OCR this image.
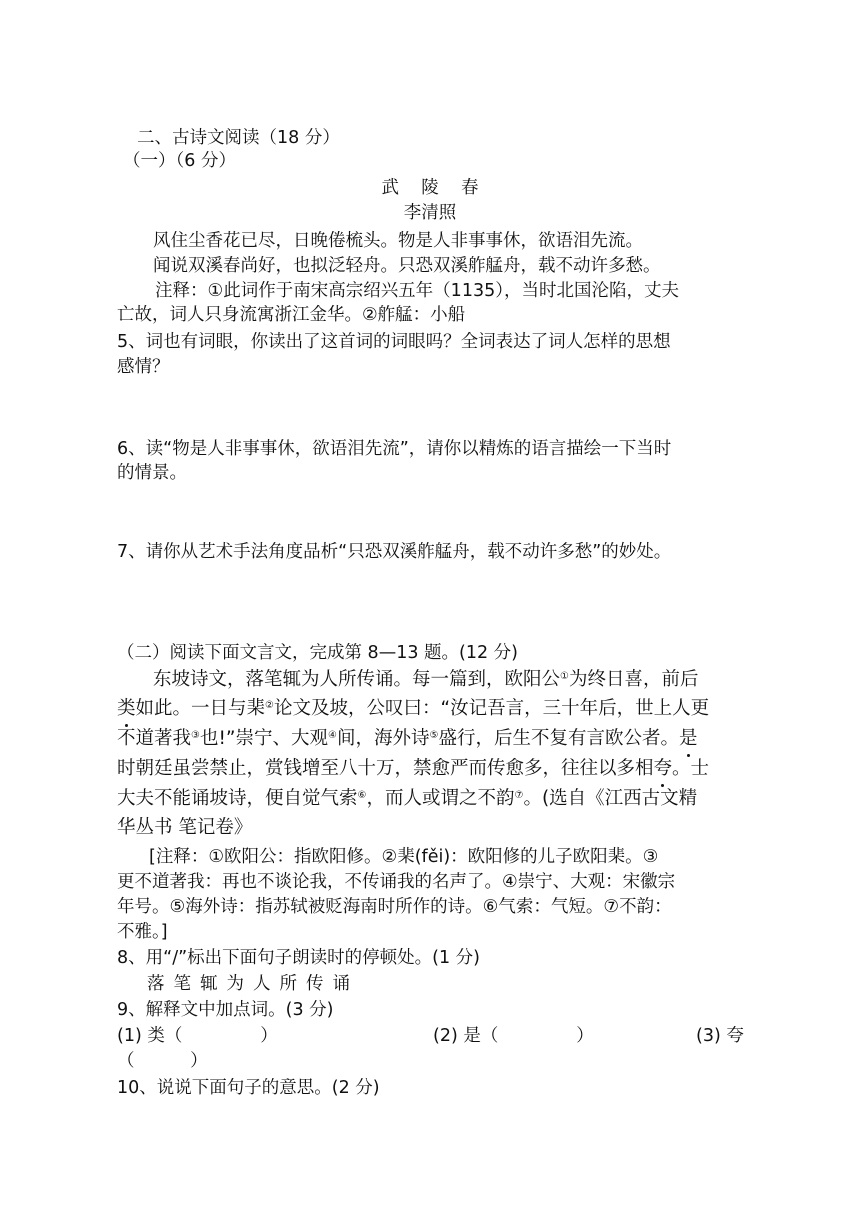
二、古诗文阅读（18 分）
（一）（6 分）
武    陵    春
李清照
风住尘香花已尽，日晚倦梳头。物是人非事事休，欲语泪先流。
闻说双溪春尚好，也拟泛轻舟。只恐双溪舴艋舟，载不动许多愁。
注释：①此词作于南宋高宗绍兴五年（1135），当时北国沦陷，丈夫
亡故，词人只身流寓浙江金华。②舴艋：小船
5、词也有词眼，你读出了这首词的词眼吗？全词表达了词人怎样的思想
感情？
6、读“物是人非事事休，欲语泪先流”，请你以精炼的语言描绘一下当时
的情景。
7、请你从艺术手法角度品析“只恐双溪舴艋舟，载不动许多愁”的妙处。
（二）阅读下面文言文，完成第 8—13 题。(12 分)
东坡诗文，落笔辄为人所传诵。每一篇到，欧阳公①为终日喜，前后
类如此。一日与棐②论文及坡，公叹曰：“汝记吾言，三十年后，世上人更
不道著我③也!”崇宁、大观④间，海外诗⑤盛行，后生不复有言欧公者。是
时朝廷虽尝禁止，赏钱增至八十万，禁愈严而传愈多，往往以多相夸。士
大夫不能诵坡诗，便自觉气索⑥，而人或谓之不韵⑦。(选自《江西古文精
华丛书 笔记卷》
[注释：①欧阳公：指欧阳修。②棐(fěi)：欧阳修的儿子欧阳棐。③
更不道著我：再也不谈论我，不传诵我的名声了。④崇宁、大观：宋徽宗
年号。⑤海外诗：指苏轼被贬海南时所作的诗。⑥气索：气短。⑦不韵：
不雅。]
8、用“/”标出下面句子朗读时的停顿处。(1 分)
落笔辄为人所传诵
9、解释文中加点词。(3 分)
(1) 类（              ）	(2) 是（              ）	(3) 夸
（          ）
10、说说下面句子的意思。(2 分)
